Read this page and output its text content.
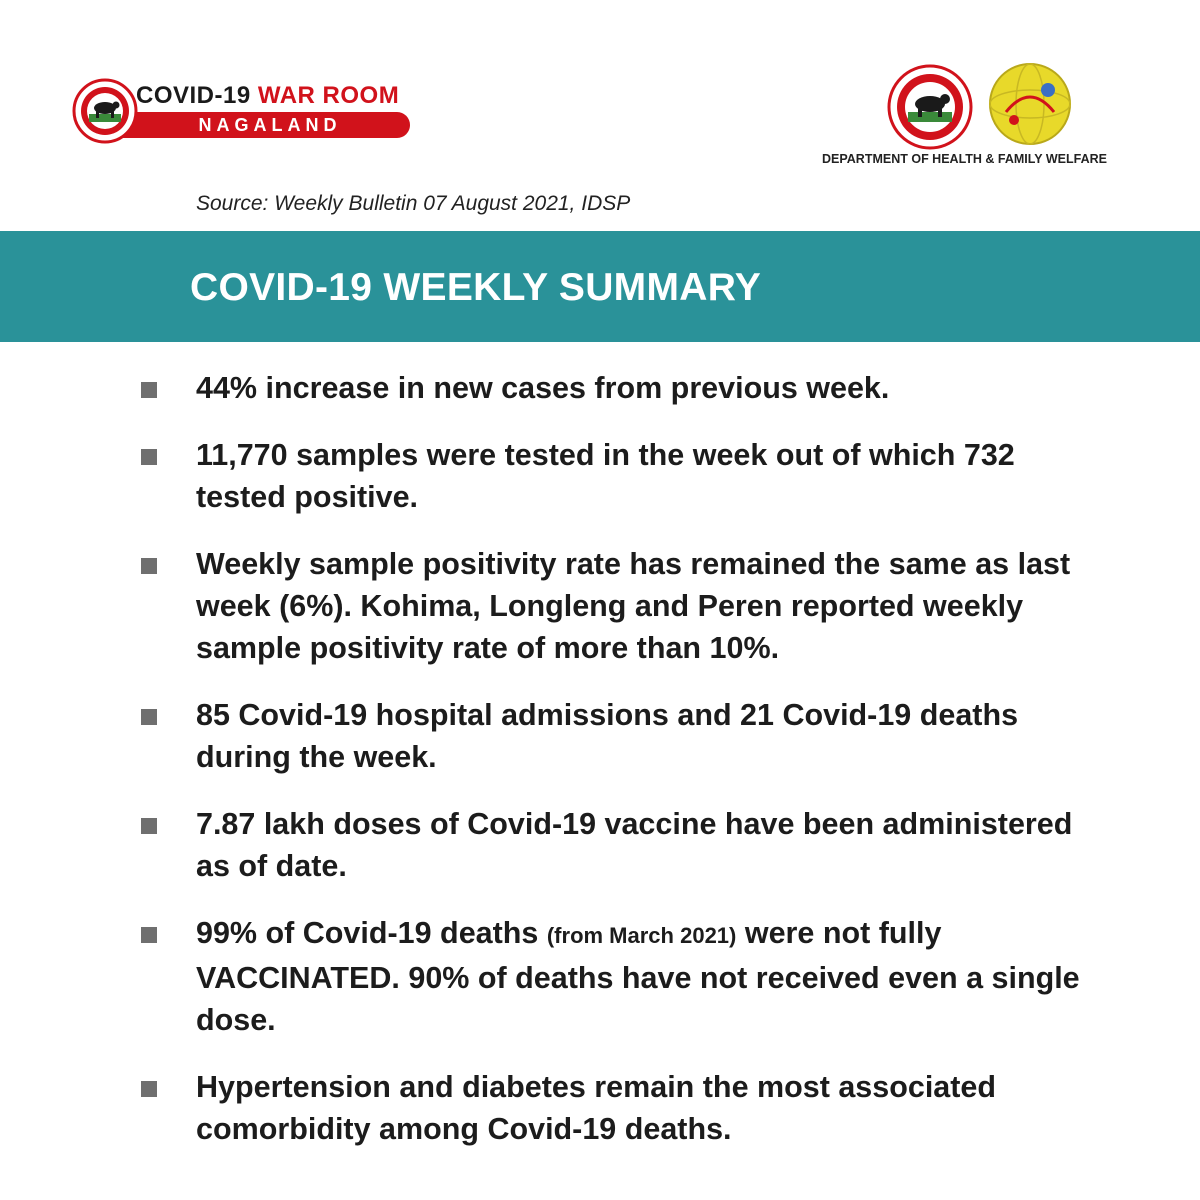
NAGALAND
COVID-19 WAR ROOM
DEPARTMENT OF HEALTH & FAMILY WELFARE
Source: Weekly Bulletin 07 August 2021, IDSP
COVID-19 WEEKLY SUMMARY
44% increase in new cases from previous week.
11,770 samples were tested in the week out of which 732 tested positive.
Weekly sample positivity rate has remained the same as last week (6%). Kohima, Longleng and Peren reported weekly sample positivity rate of more than 10%.
85 Covid-19 hospital admissions and 21 Covid-19 deaths during the week.
7.87 lakh doses of Covid-19 vaccine have been administered as of date.
99% of Covid-19 deaths (from March 2021) were not fully VACCINATED. 90% of deaths have not received even a single dose.
Hypertension and diabetes remain the most associated comorbidity among Covid-19 deaths.
